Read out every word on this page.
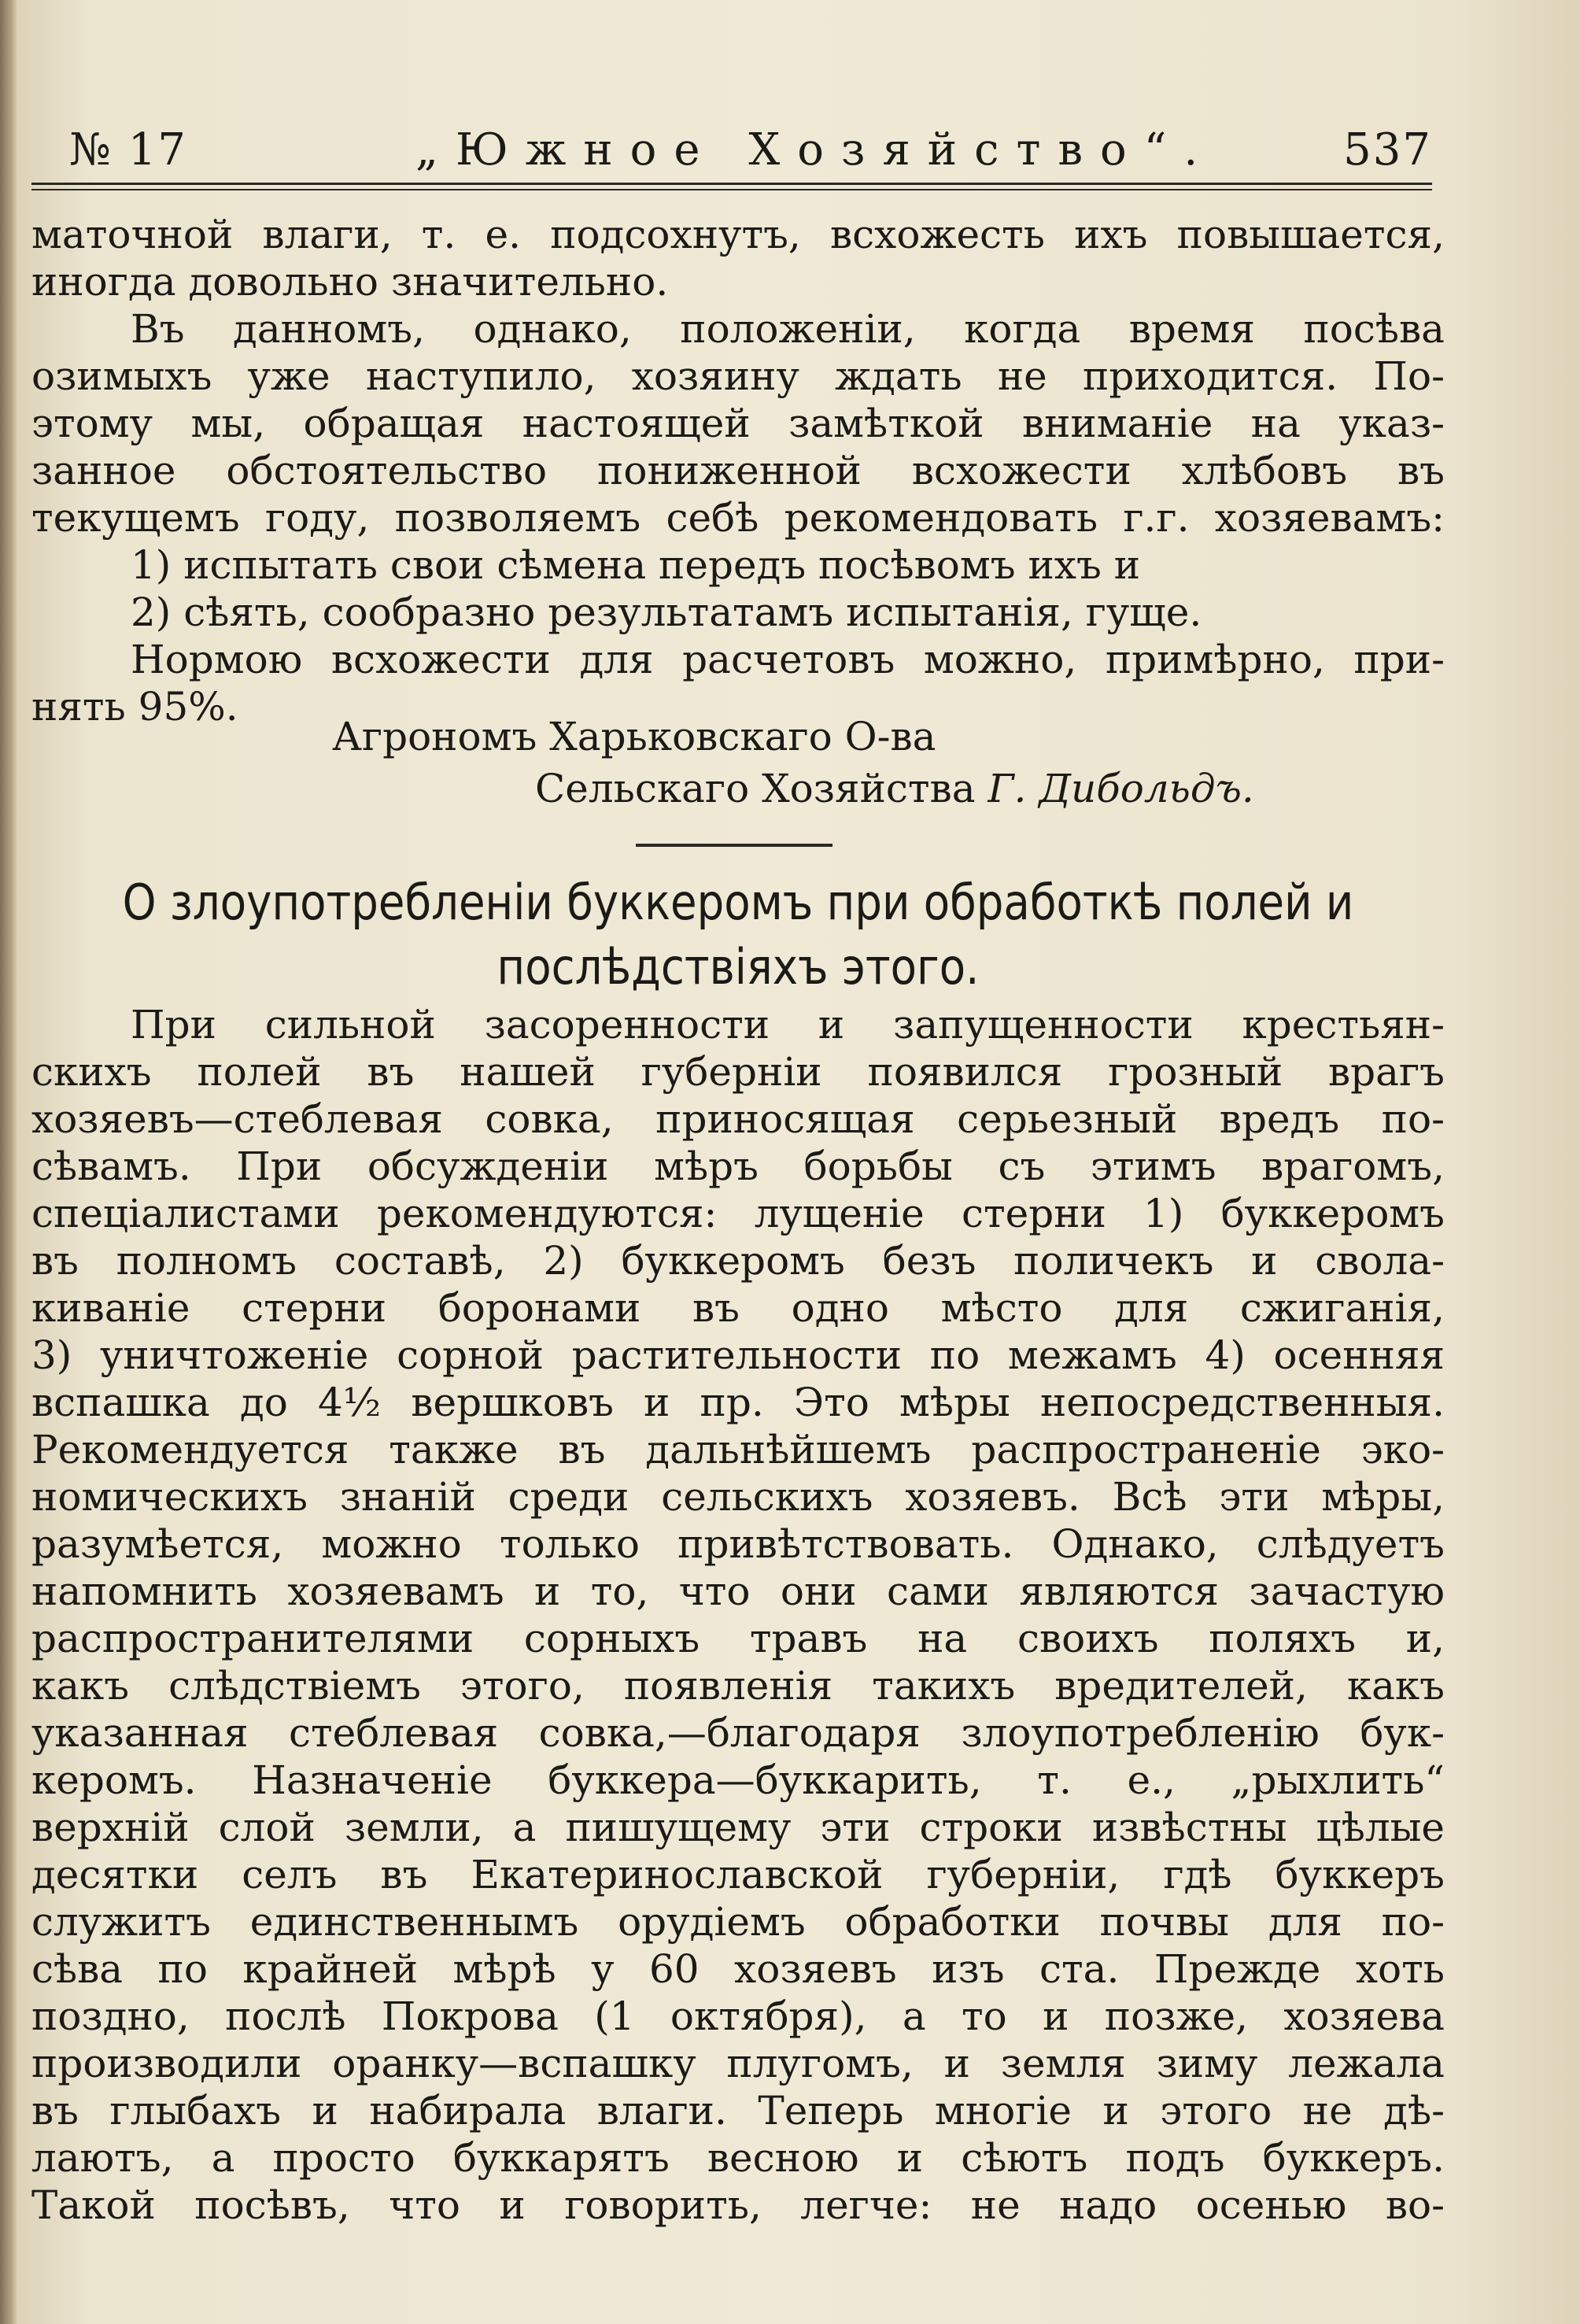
№ 17	„Южное Хозяйство“.	537
маточной влаги, т. е. подсохнутъ, всхожесть ихъ повышается,
иногда довольно значительно.
Въ данномъ, однако, положеніи, когда время посѣва
озимыхъ уже наступило, хозяину ждать не приходится. По-
этому мы, обращая настоящей замѣткой вниманіе на указ-
занное обстоятельство пониженной всхожести хлѣбовъ въ
текущемъ году, позволяемъ себѣ рекомендовать г.г. хозяевамъ:
1) испытать свои сѣмена передъ посѣвомъ ихъ и
2) сѣять, сообразно результатамъ испытанія, гуще.
Нормою всхожести для расчетовъ можно, примѣрно, при-
нять 95%.
Агрономъ Харьковскаго О-ва
Сельскаго Хозяйства Г. Дибольдъ.
О злоупотребленіи буккеромъ при обработкѣ полей и
послѣдствіяхъ этого.
При сильной засоренности и запущенности крестьян-
скихъ полей въ нашей губерніи появился грозный врагъ
хозяевъ—стеблевая совка, приносящая серьезный вредъ по-
сѣвамъ. При обсужденіи мѣръ борьбы съ этимъ врагомъ,
спеціалистами рекомендуются: лущеніе стерни 1) буккеромъ
въ полномъ составѣ, 2) буккеромъ безъ поличекъ и свола-
киваніе стерни боронами въ одно мѣсто для сжиганія,
3) уничтоженіе сорной растительности по межамъ 4) осенняя
вспашка до 4½ вершковъ и пр. Это мѣры непосредственныя.
Рекомендуется также въ дальнѣйшемъ распространеніе эко-
номическихъ знаній среди сельскихъ хозяевъ. Всѣ эти мѣры,
разумѣется, можно только привѣтствовать. Однако, слѣдуетъ
напомнить хозяевамъ и то, что они сами являются зачастую
распространителями сорныхъ травъ на своихъ поляхъ и,
какъ слѣдствіемъ этого, появленія такихъ вредителей, какъ
указанная стеблевая совка,—благодаря злоупотребленію бук-
керомъ. Назначеніе буккера—буккарить, т. е., „рыхлить“
верхній слой земли, а пишущему эти строки извѣстны цѣлые
десятки селъ въ Екатеринославской губерніи, гдѣ буккеръ
служитъ единственнымъ орудіемъ обработки почвы для по-
сѣва по крайней мѣрѣ у 60 хозяевъ изъ ста. Прежде хоть
поздно, послѣ Покрова (1 октября), а то и позже, хозяева
производили оранку—вспашку плугомъ, и земля зиму лежала
въ глыбахъ и набирала влаги. Теперь многіе и этого не дѣ-
лаютъ, а просто буккарятъ весною и сѣютъ подъ буккеръ.
Такой посѣвъ, что и говорить, легче: не надо осенью во-
